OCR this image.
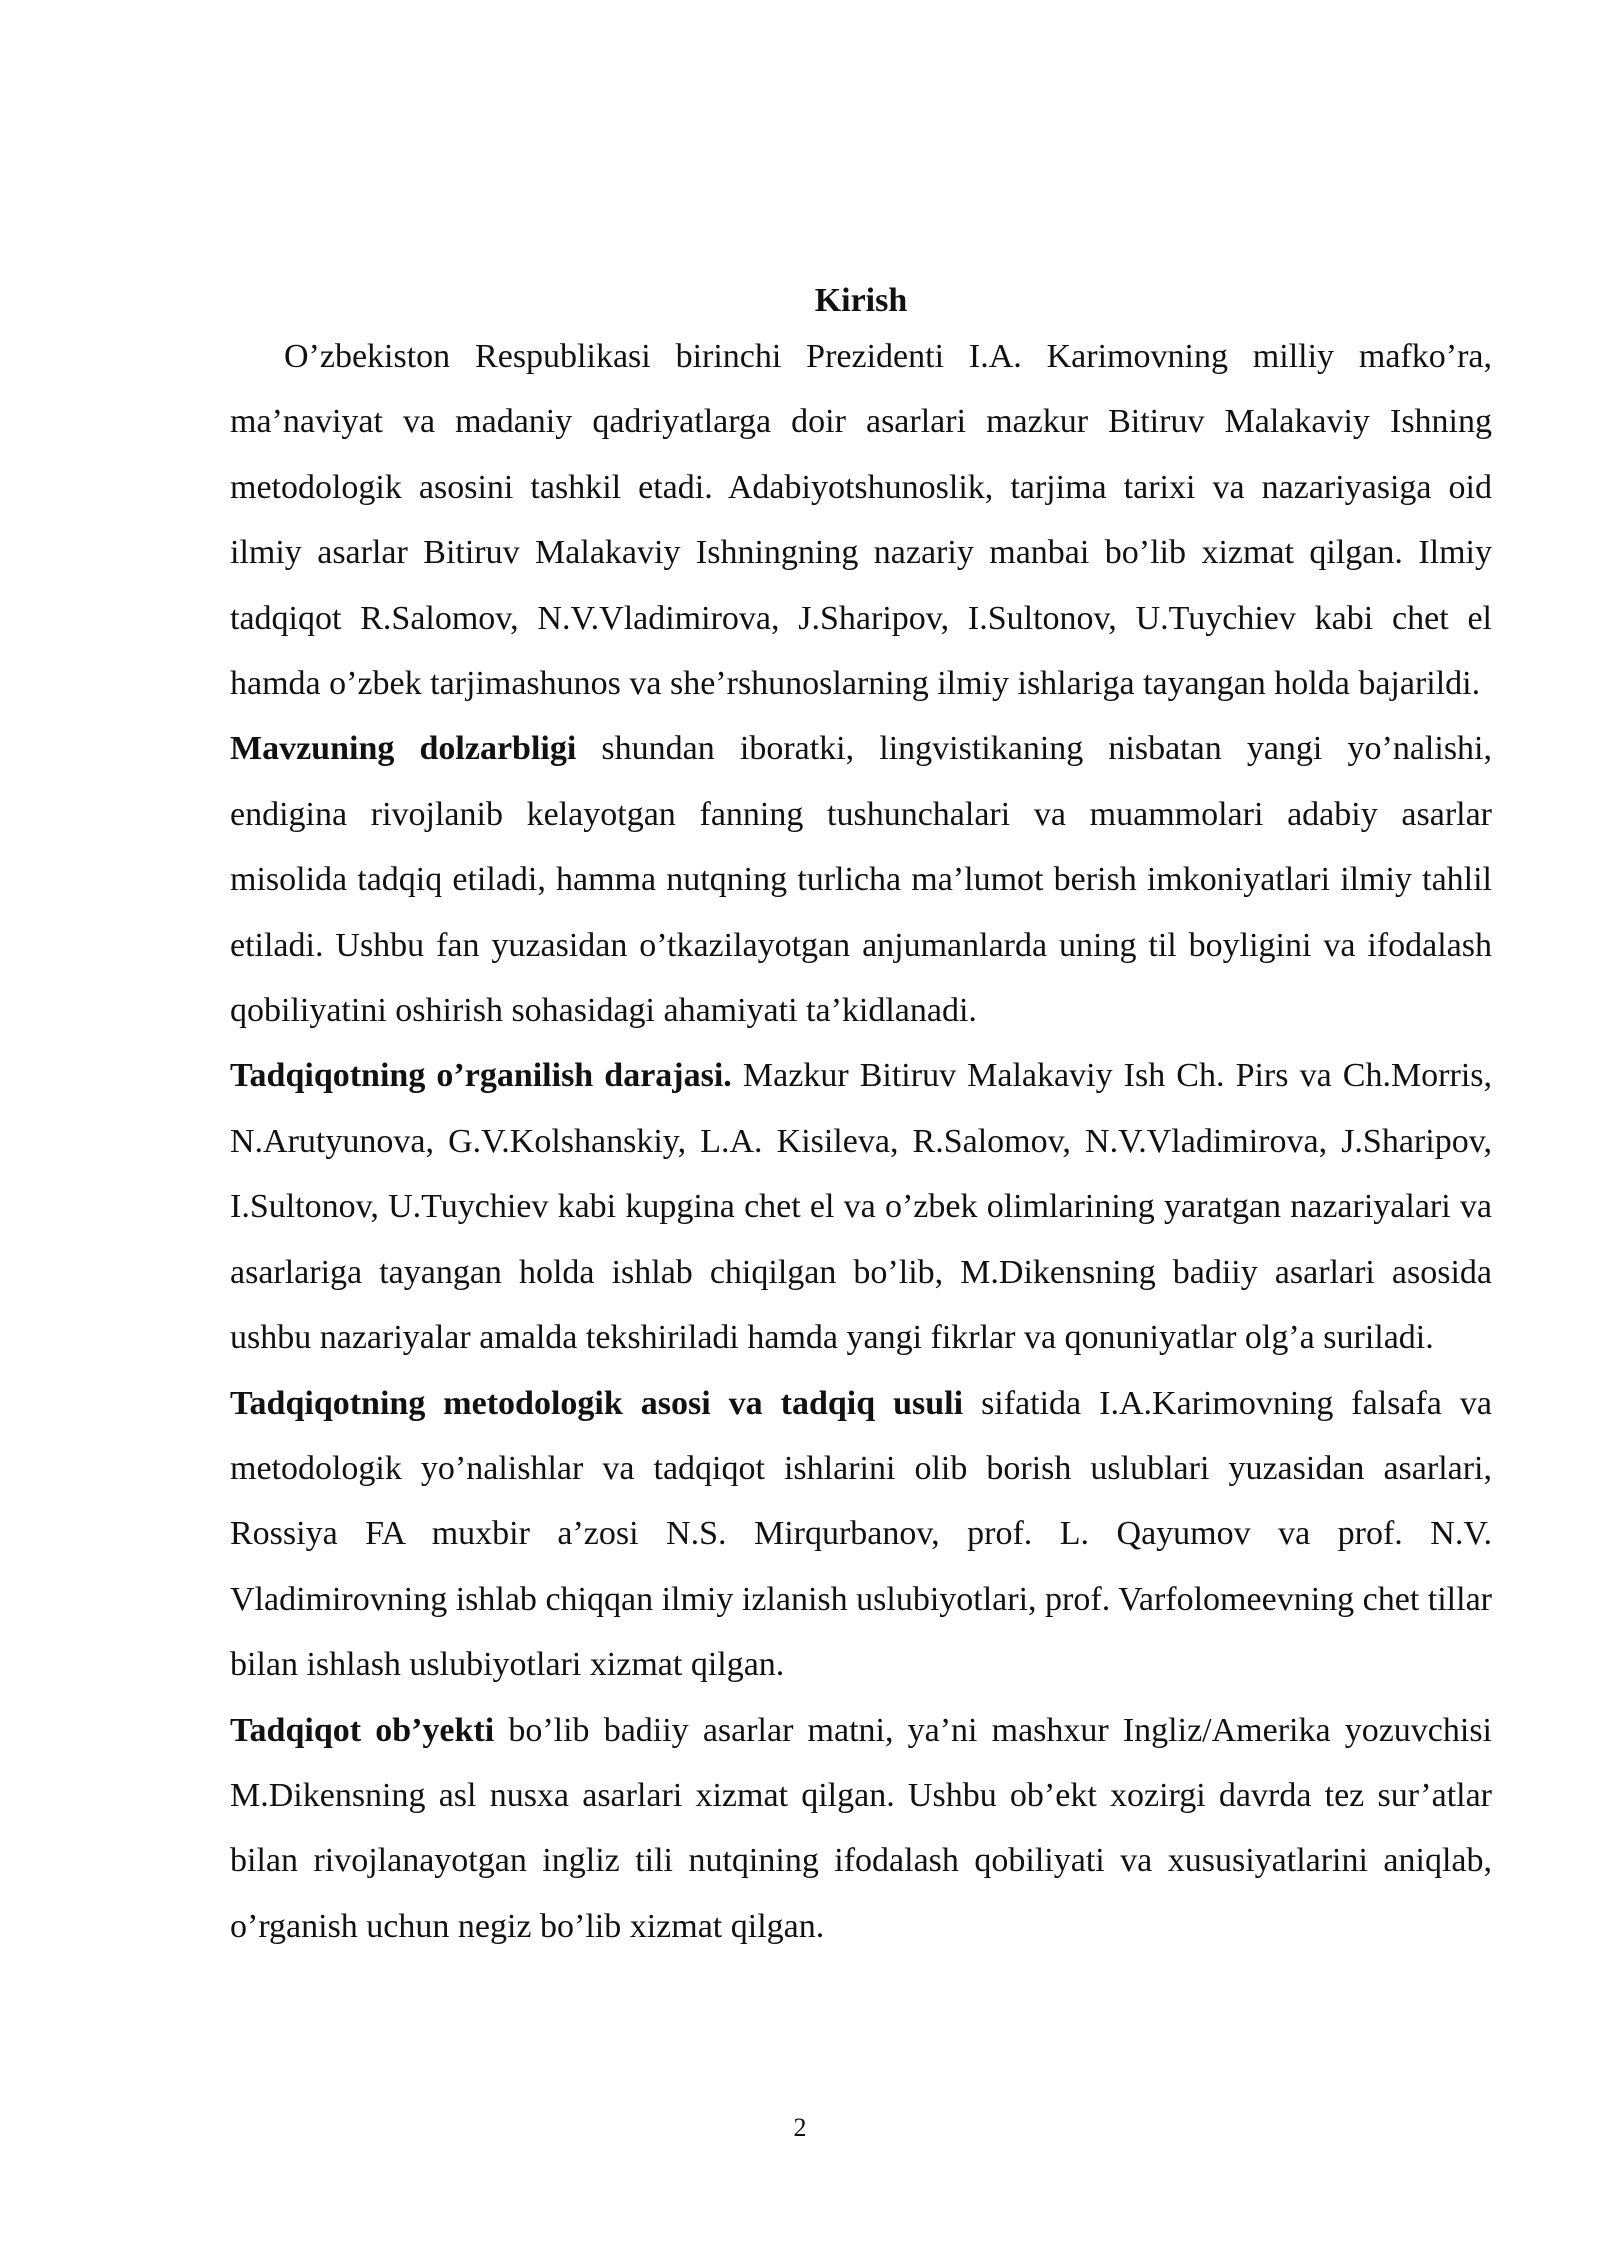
Kirish

O’zbekiston Respublikasi birinchi Prezidenti I.A. Karimovning milliy mafko’ra, ma’naviyat va madaniy qadriyatlarga doir asarlari mazkur Bitiruv Malakaviy Ishning metodologik asosini tashkil etadi. Adabiyotshunoslik, tarjima tarixi va nazariyasiga oid ilmiy asarlar Bitiruv Malakaviy Ishningning nazariy manbai bo’lib xizmat qilgan. Ilmiy tadqiqot R.Salomov, N.V.Vladimirova, J.Sharipov, I.Sultonov, U.Tuychiev kabi chet el hamda o’zbek tarjimashunos va she’rshunoslarning ilmiy ishlariga tayangan holda bajarildi.

Mavzuning dolzarbligi shundan iboratki, lingvistikaning nisbatan yangi yo’nalishi, endigina rivojlanib kelayotgan fanning tushunchalari va muammolari adabiy asarlar misolida tadqiq etiladi, hamma nutqning turlicha ma’lumot berish imkoniyatlari ilmiy tahlil etiladi. Ushbu fan yuzasidan o’tkazilayotgan anjumanlarda uning til boyligini va ifodalash qobiliyatini oshirish sohasidagi ahamiyati ta’kidlanadi.

Tadqiqotning o’rganilish darajasi. Mazkur Bitiruv Malakaviy Ish Ch. Pirs va Ch.Morris, N.Arutyunova, G.V.Kolshanskiy, L.A. Kisileva, R.Salomov, N.V.Vladimirova, J.Sharipov, I.Sultonov, U.Tuychiev kabi kupgina chet el va o’zbek olimlarining yaratgan nazariyalari va asarlariga tayangan holda ishlab chiqilgan bo’lib, M.Dikensning badiiy asarlari asosida ushbu nazariyalar amalda tekshiriladi hamda yangi fikrlar va qonuniyatlar olg’a suriladi.

Tadqiqotning metodologik asosi va tadqiq usuli sifatida I.A.Karimovning falsafa va metodologik yo’nalishlar va tadqiqot ishlarini olib borish uslublari yuzasidan asarlari, Rossiya FA muxbir a’zosi N.S. Mirqurbanov, prof. L. Qayumov va prof. N.V. Vladimirovning ishlab chiqqan ilmiy izlanish uslubiyotlari, prof. Varfolomeevning chet tillar bilan ishlash uslubiyotlari xizmat qilgan.

Tadqiqot ob’yekti bo’lib badiiy asarlar matni, ya’ni mashxur Ingliz/Amerika yozuvchisi M.Dikensning asl nusxa asarlari xizmat qilgan. Ushbu ob’ekt xozirgi davrda tez sur’atlar bilan rivojlanayotgan ingliz tili nutqining ifodalash qobiliyati va xususiyatlarini aniqlab, o’rganish uchun negiz bo’lib xizmat qilgan.

2
